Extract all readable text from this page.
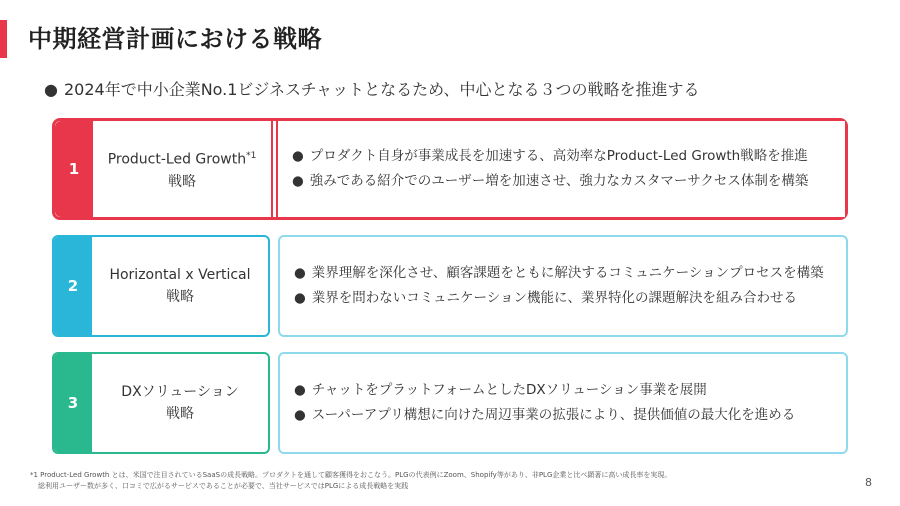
中期経営計画における戦略
● 2024年で中小企業No.1ビジネスチャットとなるため、中心となる３つの戦略を推進する
1
Product-Led Growth$^{*1}$
戦略
● プロダクト自身が事業成長を加速する、高効率なProduct-Led Growth戦略を推進
● 強みである紹介でのユーザー増を加速させ、強力なカスタマーサクセス体制を構築
2
Horizontal x Vertical
戦略
● 業界理解を深化させ、顧客課題をともに解決するコミュニケーションプロセスを構築
● 業界を問わないコミュニケーション機能に、業界特化の課題解決を組み合わせる
3
DXソリューション
戦略
● チャットをプラットフォームとしたDXソリューション事業を展開
● スーパーアプリ構想に向けた周辺事業の拡張により、提供価値の最大化を進める
*1 Product-Led Growth とは、米国で注目されているSaaSの成長戦略。プロダクトを通して顧客獲得をおこなう。PLGの代表例にZoom、Shopify等があり、非PLG企業と比べ顕著に高い成長率を実現。
総利用ユーザー数が多く、口コミで広がるサービスであることが必要で、当社サービスではPLGによる成長戦略を実践	8
